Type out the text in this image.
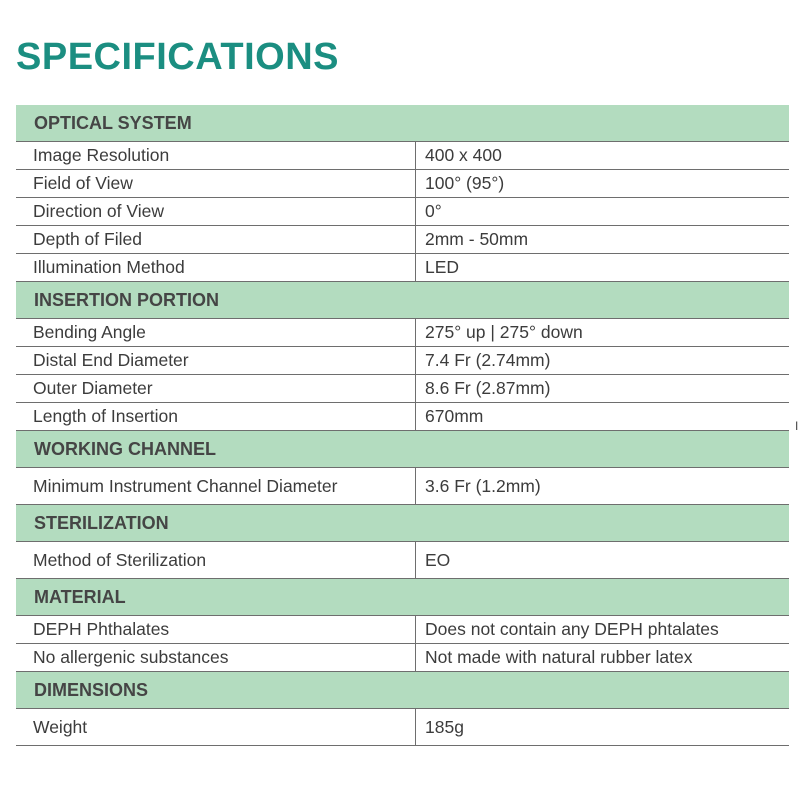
SPECIFICATIONS
OPTICAL SYSTEM
Image Resolution	400 x 400
Field of View	100° (95°)
Direction of View	0°
Depth of Filed	2mm - 50mm
Illumination Method	LED
INSERTION PORTION
Bending Angle	275° up | 275° down
Distal End Diameter	7.4 Fr (2.74mm)
Outer Diameter	8.6 Fr (2.87mm)
Length of Insertion	670mm
WORKING CHANNEL
Minimum Instrument Channel Diameter	3.6 Fr (1.2mm)
STERILIZATION
Method of Sterilization	EO
MATERIAL
DEPH Phthalates	Does not contain any DEPH phtalates
No allergenic substances	Not made with natural rubber latex
DIMENSIONS
Weight	185g
I
